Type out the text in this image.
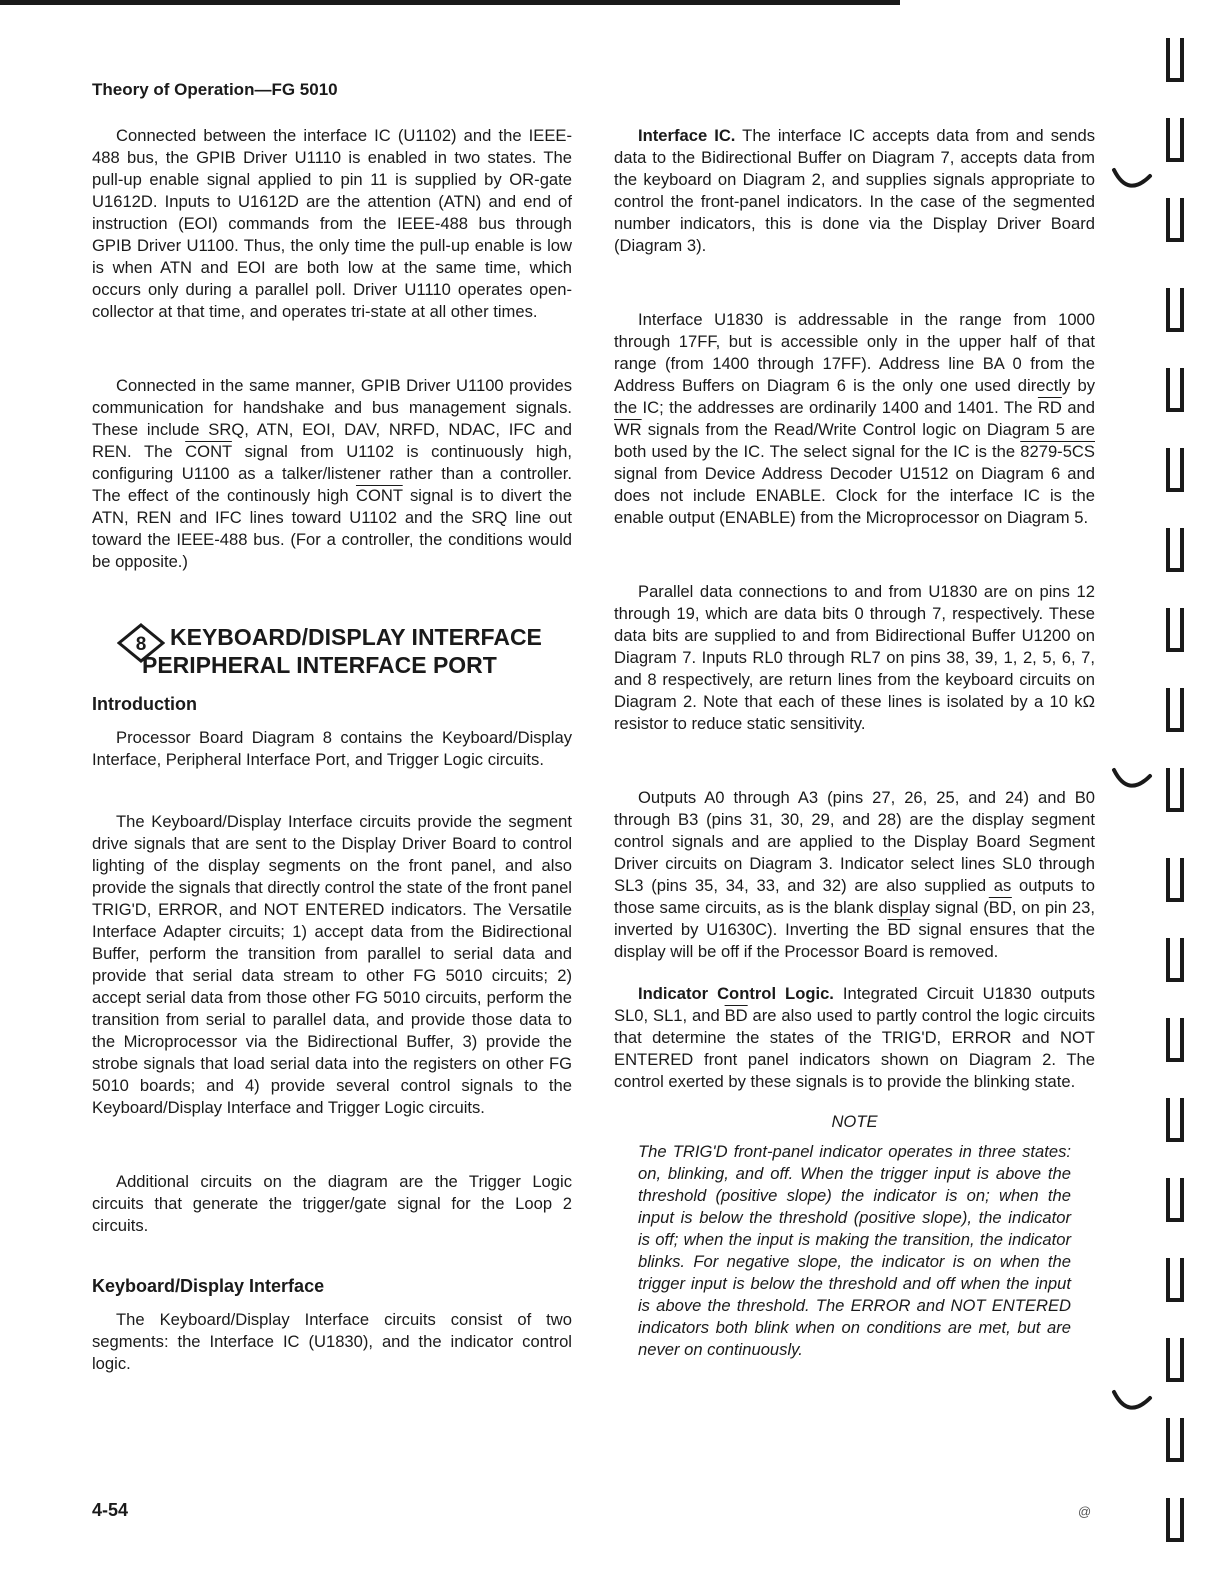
Theory of Operation—FG 5010

Connected between the interface IC (U1102) and the IEEE-488 bus, the GPIB Driver U1110 is enabled in two states. The pull-up enable signal applied to pin 11 is supplied by OR-gate U1612D. Inputs to U1612D are the attention (ATN) and end of instruction (EOI) commands from the IEEE-488 bus through GPIB Driver U1100. Thus, the only time the pull-up enable is low is when ATN and EOI are both low at the same time, which occurs only during a parallel poll. Driver U1110 operates open-collector at that time, and operates tri-state at all other times.

Connected in the same manner, GPIB Driver U1100 provides communication for handshake and bus management signals. These include SRQ, ATN, EOI, DAV, NRFD, NDAC, IFC and REN. The CONT signal from U1102 is continuously high, configuring U1100 as a talker/listener rather than a controller. The effect of the continously high CONT signal is to divert the ATN, REN and IFC lines toward U1102 and the SRQ line out toward the IEEE-488 bus. (For a controller, the conditions would be opposite.)

8 KEYBOARD/DISPLAY INTERFACE
PERIPHERAL INTERFACE PORT
Introduction

Processor Board Diagram 8 contains the Keyboard/Display Interface, Peripheral Interface Port, and Trigger Logic circuits.

The Keyboard/Display Interface circuits provide the segment drive signals that are sent to the Display Driver Board to control lighting of the display segments on the front panel, and also provide the signals that directly control the state of the front panel TRIG'D, ERROR, and NOT ENTERED indicators. The Versatile Interface Adapter circuits; 1) accept data from the Bidirectional Buffer, perform the transition from parallel to serial data and provide that serial data stream to other FG 5010 circuits; 2) accept serial data from those other FG 5010 circuits, perform the transition from serial to parallel data, and provide those data to the Microprocessor via the Bidirectional Buffer, 3) provide the strobe signals that load serial data into the registers on other FG 5010 boards; and 4) provide several control signals to the Keyboard/Display Interface and Trigger Logic circuits.

Additional circuits on the diagram are the Trigger Logic circuits that generate the trigger/gate signal for the Loop 2 circuits.

Keyboard/Display Interface

The Keyboard/Display Interface circuits consist of two segments: the Interface IC (U1830), and the indicator control logic.

Interface IC. The interface IC accepts data from and sends data to the Bidirectional Buffer on Diagram 7, accepts data from the keyboard on Diagram 2, and supplies signals appropriate to control the front-panel indicators. In the case of the segmented number indicators, this is done via the Display Driver Board (Diagram 3).

Interface U1830 is addressable in the range from 1000 through 17FF, but is accessible only in the upper half of that range (from 1400 through 17FF). Address line BA 0 from the Address Buffers on Diagram 6 is the only one used directly by the IC; the addresses are ordinarily 1400 and 1401. The $\overline{RD}$ and $\overline{WR}$ signals from the Read/Write Control logic on Diagram 5 are both used by the IC. The select signal for the IC is the 8279-5CS signal from Device Address Decoder U1512 on Diagram 6 and does not include ENABLE. Clock for the interface IC is the enable output (ENABLE) from the Microprocessor on Diagram 5.

Parallel data connections to and from U1830 are on pins 12 through 19, which are data bits 0 through 7, respectively. These data bits are supplied to and from Bidirectional Buffer U1200 on Diagram 7. Inputs RL0 through RL7 on pins 38, 39, 1, 2, 5, 6, 7, and 8 respectively, are return lines from the keyboard circuits on Diagram 2. Note that each of these lines is isolated by a 10 kΩ resistor to reduce static sensitivity.

Outputs A0 through A3 (pins 27, 26, 25, and 24) and B0 through B3 (pins 31, 30, 29, and 28) are the display segment control signals and are applied to the Display Board Segment Driver circuits on Diagram 3. Indicator select lines SL0 through SL3 (pins 35, 34, 33, and 32) are also supplied as outputs to those same circuits, as is the blank display signal ($\overline{BD}$, on pin 23, inverted by U1630C). Inverting the $\overline{BD}$ signal ensures that the display will be off if the Processor Board is removed.

Indicator Control Logic. Integrated Circuit U1830 outputs SL0, SL1, and $\overline{BD}$ are also used to partly control the logic circuits that determine the states of the TRIG'D, ERROR and NOT ENTERED front panel indicators shown on Diagram 2. The control exerted by these signals is to provide the blinking state.

NOTE
The TRIG'D front-panel indicator operates in three states: on, blinking, and off. When the trigger input is above the threshold (positive slope) the indicator is on; when the input is below the threshold (positive slope), the indicator is off; when the input is making the transition, the indicator blinks. For negative slope, the indicator is on when the trigger input is below the threshold and off when the input is above the threshold. The ERROR and NOT ENTERED indicators both blink when on conditions are met, but are never on continuously.
4-54	@
